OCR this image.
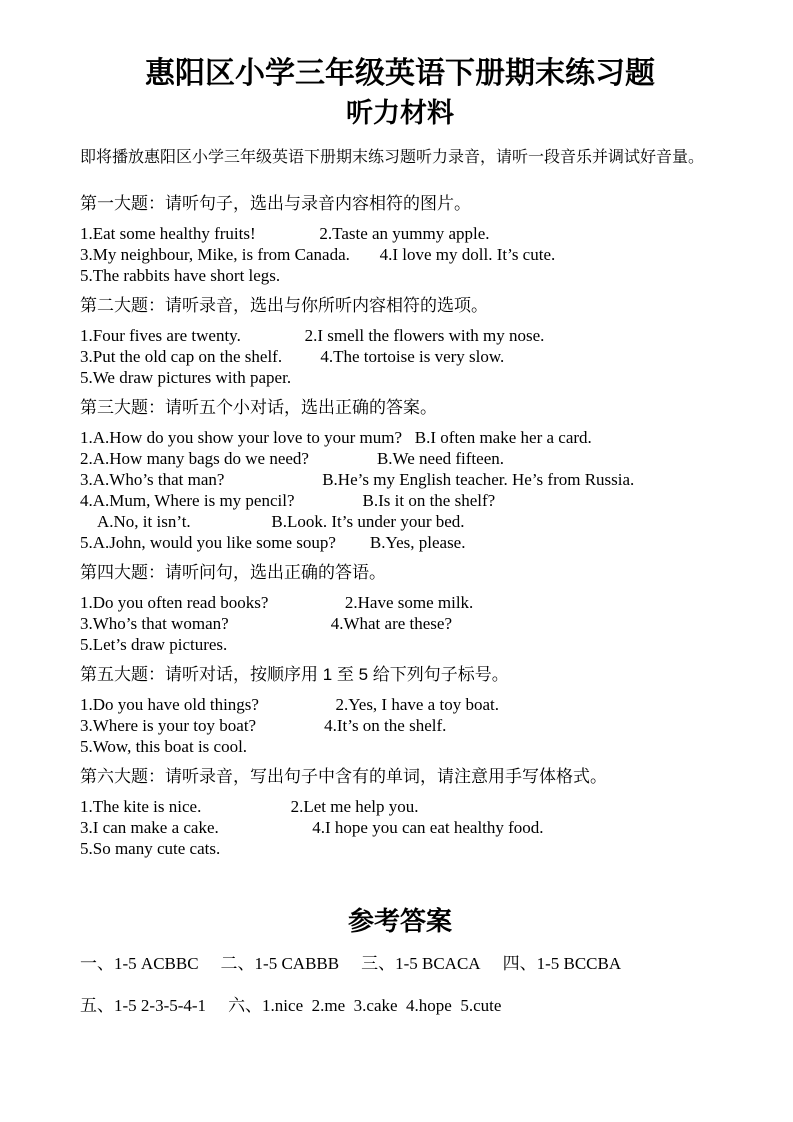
惠阳区小学三年级英语下册期末练习题
听力材料

即将播放惠阳区小学三年级英语下册期末练习题听力录音，请听一段音乐并调试好音量。

第一大题：请听句子，选出与录音内容相符的图片。

1.Eat some healthy fruits!               2.Taste an yummy apple.

3.My neighbour, Mike, is from Canada.       4.I love my doll. It’s cute.

5.The rabbits have short legs.

第二大题：请听录音，选出与你所听内容相符的选项。

1.Four fives are twenty.               2.I smell the flowers with my nose.

3.Put the old cap on the shelf.         4.The tortoise is very slow.

5.We draw pictures with paper.

第三大题：请听五个小对话，选出正确的答案。

1.A.How do you show your love to your mum?   B.I often make her a card.

2.A.How many bags do we need?                B.We need fifteen.

3.A.Who’s that man?                       B.He’s my English teacher. He’s from Russia.

4.A.Mum, Where is my pencil?                B.Is it on the shelf?

A.No, it isn’t.                   B.Look. It’s under your bed.

5.A.John, would you like some soup?        B.Yes, please.

第四大题：请听问句，选出正确的答语。

1.Do you often read books?                  2.Have some milk.

3.Who’s that woman?                        4.What are these?

5.Let’s draw pictures.

第五大题：请听对话，按顺序用 1 至 5 给下列句子标号。

1.Do you have old things?                  2.Yes, I have a toy boat.

3.Where is your toy boat?                4.It’s on the shelf.

5.Wow, this boat is cool.

第六大题：请听录音，写出句子中含有的单词，请注意用手写体格式。

1.The kite is nice.                     2.Let me help you.

3.I can make a cake.                      4.I hope you can eat healthy food.

5.So many cute cats.

参考答案

一、1-5 ACBBC 二、1-5 CABBB 三、1-5 BCACA 四、1-5 BCCBA

五、1-5 2-3-5-4-1 六、1.nice  2.me  3.cake  4.hope  5.cute
